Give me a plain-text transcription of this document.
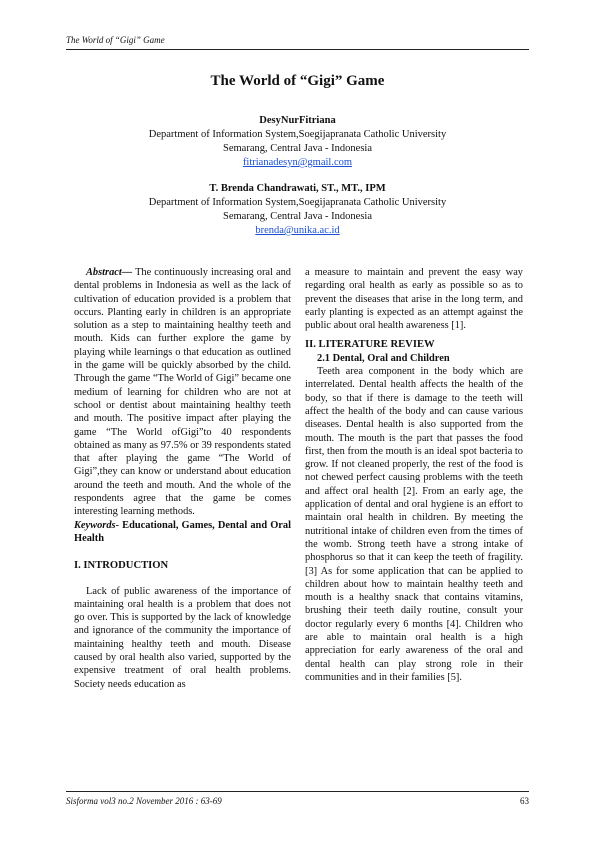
The World of “Gigi” Game
The World of “Gigi” Game
DesyNurFitriana
Department of Information System,Soegijapranata Catholic University
Semarang, Central Java - Indonesia
fitrianadesyn@gmail.com
T. Brenda Chandrawati, ST., MT., IPM
Department of Information System,Soegijapranata Catholic University
Semarang, Central Java - Indonesia
brenda@unika.ac.id

Abstract— The continuously increasing oral and dental problems in Indonesia as well as the lack of cultivation of education provided is a problem that occurs. Planting early in children is an appropriate solution as a step to maintaining healthy teeth and mouth. Kids can further explore the game by playing while learnings o that education as outlined in the game will be quickly absorbed by the child. Through the game “The World of Gigi” became one medium of learning for children who are not at school or dentist about maintaining healthy teeth and mouth. The positive impact after playing the game “The World ofGigi”to 40 respondents obtained as many as 97.5% or 39 respondents stated that after playing the game “The World of Gigi”,they can know or understand about education around the teeth and mouth. And the whole of the respondents agree that the game be comes interesting learning methods.

Keywords- Educational, Games, Dental and Oral Health

I. INTRODUCTION

Lack of public awareness of the importance of maintaining oral health is a problem that does not go over. This is supported by the lack of knowledge and ignorance of the community the importance of maintaining healthy teeth and mouth. Disease caused by oral health also varied, supported by the expensive treatment of oral health problems. Society needs education as

a measure to maintain and prevent the easy way regarding oral health as early as possible so as to prevent the diseases that arise in the long term, and early planting is expected as an attempt against the public about oral health awareness [1].

II. LITERATURE REVIEW

2.1 Dental, Oral and Children

Teeth area component in the body which are interrelated. Dental health affects the health of the body, so that if there is damage to the teeth will affect the health of the body and can cause various diseases. Dental health is also supported from the mouth. The mouth is the part that passes the food first, then from the mouth is an ideal spot bacteria to grow. If not cleaned properly, the rest of the food is not chewed perfect causing problems with the teeth and affect oral health [2]. From an early age, the application of dental and oral hygiene is an effort to maintain oral health in children. By meeting the nutritional intake of children even from the times of the womb. Strong teeth have a strong intake of phosphorus so that it can keep the teeth of fragility. [3] As for some application that can be applied to children about how to maintain healthy teeth and mouth is a healthy snack that contains vitamins, brushing their teeth daily routine, consult your doctor regularly every 6 months [4]. Children who are able to maintain oral health is a high appreciation for early awareness of the oral and dental health can play strong role in their communities and in their families [5].

Sisforma vol3 no.2 November 2016 : 63-69	63
